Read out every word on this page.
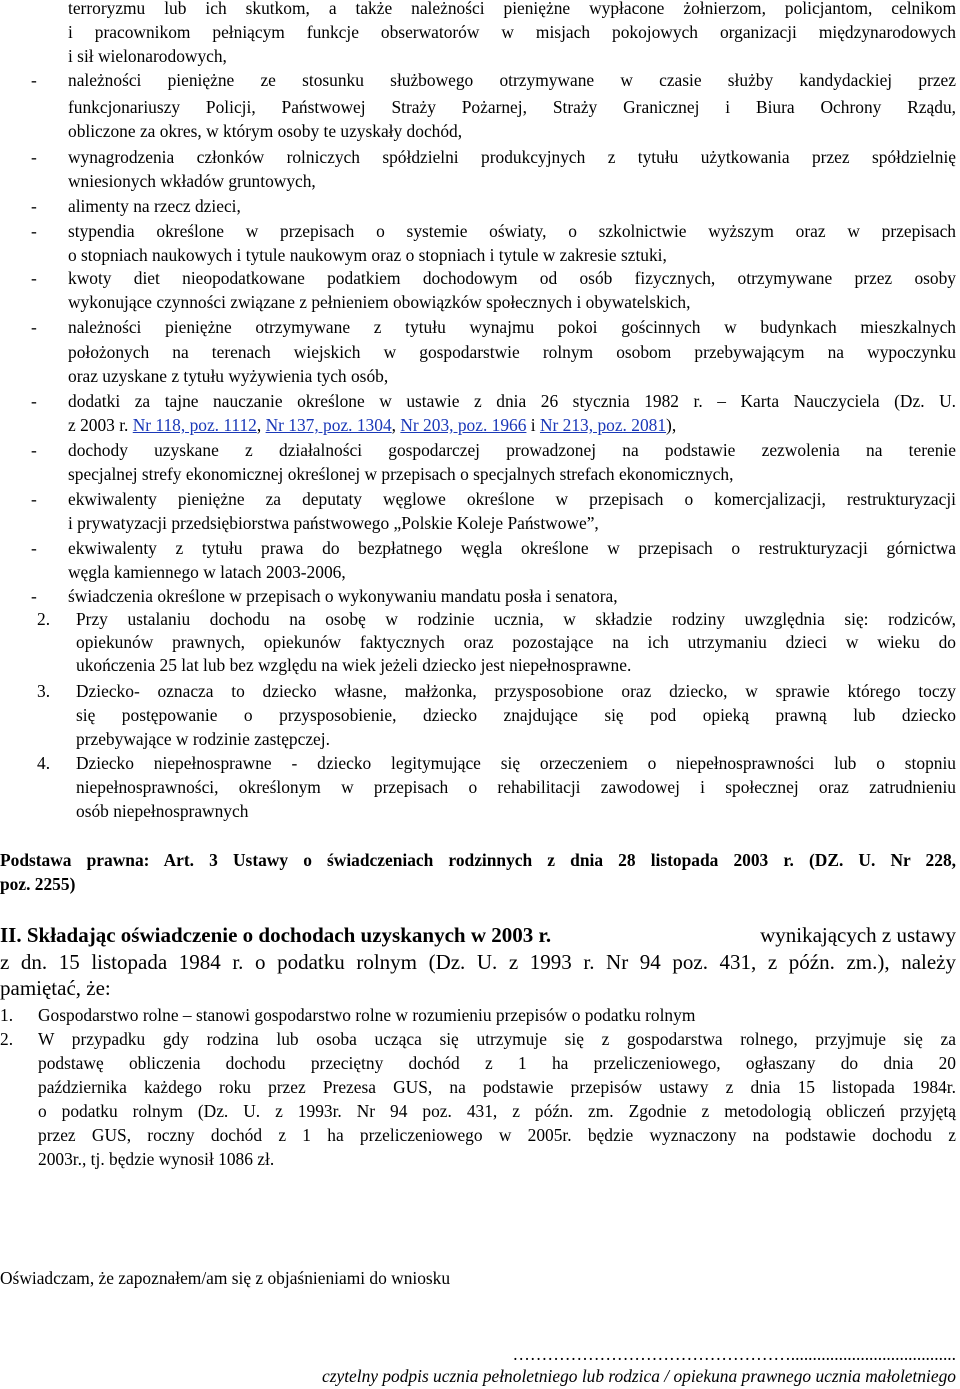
terroryzmu lub ich skutkom, a także należności pieniężne wypłacone żołnierzom, policjantom, celnikom
i pracownikom pełniącym funkcje obserwatorów w misjach pokojowych organizacji międzynarodowych
i sił wielonarodowych,
- należności pieniężne ze stosunku służbowego otrzymywane w czasie służby kandydackiej przez
funkcjonariuszy Policji, Państwowej Straży Pożarnej, Straży Granicznej i Biura Ochrony Rządu,
obliczone za okres, w którym osoby te uzyskały dochód,
- wynagrodzenia członków rolniczych spółdzielni produkcyjnych z tytułu użytkowania przez spółdzielnię
wniesionych wkładów gruntowych,
- alimenty na rzecz dzieci,
- stypendia określone w przepisach o systemie oświaty, o szkolnictwie wyższym oraz w przepisach
o stopniach naukowych i tytule naukowym oraz o stopniach i tytule w zakresie sztuki,
- kwoty diet nieopodatkowane podatkiem dochodowym od osób fizycznych, otrzymywane przez osoby
wykonujące czynności związane z pełnieniem obowiązków społecznych i obywatelskich,
- należności pieniężne otrzymywane z tytułu wynajmu pokoi gościnnych w budynkach mieszkalnych
położonych na terenach wiejskich w gospodarstwie rolnym osobom przebywającym na wypoczynku
oraz uzyskane z tytułu wyżywienia tych osób,
- dodatki za tajne nauczanie określone w ustawie z dnia 26 stycznia 1982 r. – Karta Nauczyciela (Dz. U.
z 2003 r. Nr 118, poz. 1112, Nr 137, poz. 1304, Nr 203, poz. 1966 i Nr 213, poz. 2081),
- dochody uzyskane z działalności gospodarczej prowadzonej na podstawie zezwolenia na terenie
specjalnej strefy ekonomicznej określonej w przepisach o specjalnych strefach ekonomicznych,
- ekwiwalenty pieniężne za deputaty węglowe określone w przepisach o komercjalizacji, restrukturyzacji
i prywatyzacji przedsiębiorstwa państwowego „Polskie Koleje Państwowe”,
- ekwiwalenty z tytułu prawa do bezpłatnego węgla określone w przepisach o restrukturyzacji górnictwa
węgla kamiennego w latach 2003-2006,
- świadczenia określone w przepisach o wykonywaniu mandatu posła i senatora,
2. Przy ustalaniu dochodu na osobę w rodzinie ucznia, w składzie rodziny uwzględnia się: rodziców,
opiekunów prawnych, opiekunów faktycznych oraz pozostające na ich utrzymaniu dzieci w wieku do
ukończenia 25 lat lub bez względu na wiek jeżeli dziecko jest niepełnosprawne.
3. Dziecko- oznacza to dziecko własne, małżonka, przysposobione oraz dziecko, w sprawie którego toczy
się postępowanie o przysposobienie, dziecko znajdujące się pod opieką prawną lub dziecko
przebywające w rodzinie zastępczej.
4. Dziecko niepełnosprawne - dziecko legitymujące się orzeczeniem o niepełnosprawności lub o stopniu
niepełnosprawności, określonym w przepisach o rehabilitacji zawodowej i społecznej oraz zatrudnieniu
osób niepełnosprawnych
Podstawa prawna: Art. 3 Ustawy o świadczeniach rodzinnych z dnia 28 listopada 2003 r. (DZ. U. Nr 228,
poz. 2255)
II. Składając oświadczenie o dochodach uzyskanych w 2003 r.	wynikających z ustawy
z dn. 15 listopada 1984 r. o podatku rolnym (Dz. U. z 1993 r. Nr 94 poz. 431, z późn. zm.), należy
pamiętać, że:
1. Gospodarstwo rolne – stanowi gospodarstwo rolne w rozumieniu przepisów o podatku rolnym
2. W przypadku gdy rodzina lub osoba ucząca się utrzymuje się z gospodarstwa rolnego, przyjmuje się za
podstawę obliczenia dochodu przeciętny dochód z 1 ha przeliczeniowego, ogłaszany do dnia 20
października każdego roku przez Prezesa GUS, na podstawie przepisów ustawy z dnia 15 listopada 1984r.
o podatku rolnym (Dz. U. z 1993r. Nr 94 poz. 431, z późn. zm. Zgodnie z metodologią obliczeń przyjętą
przez GUS, roczny dochód z 1 ha przeliczeniowego w 2005r. będzie wyznaczony na podstawie dochodu z
2003r., tj. będzie wynosił 1086 zł.
Oświadczam, że zapoznałem/am się z objaśnieniami do wniosku
…………………………………………......................................
czytelny podpis ucznia pełnoletniego lub rodzica / opiekuna prawnego ucznia małoletniego
